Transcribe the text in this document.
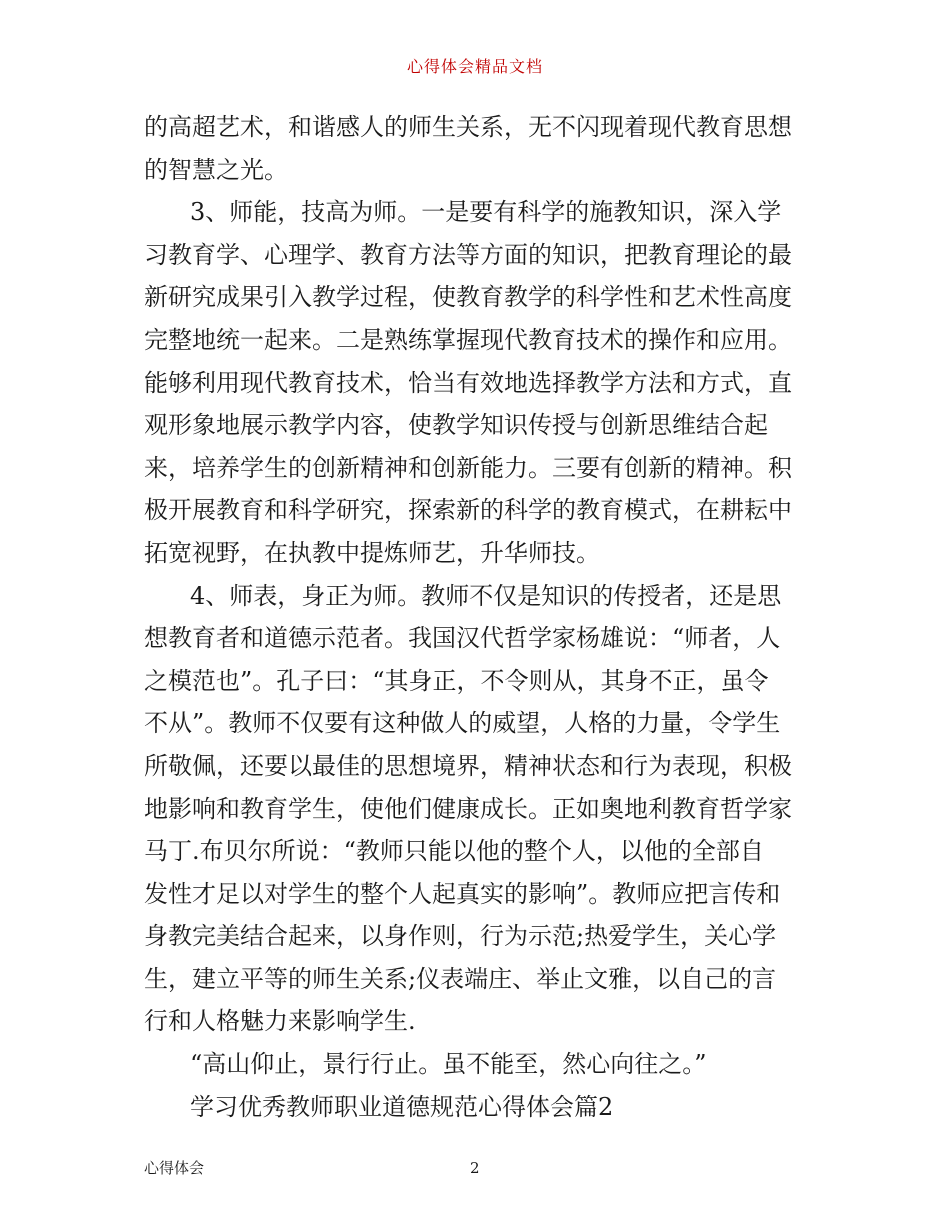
心得体会精品文档
的高超艺术，和谐感人的师生关系，无不闪现着现代教育思想
的智慧之光。
3、师能，技高为师。一是要有科学的施教知识，深入学
习教育学、心理学、教育方法等方面的知识，把教育理论的最
新研究成果引入教学过程，使教育教学的科学性和艺术性高度
完整地统一起来。二是熟练掌握现代教育技术的操作和应用。
能够利用现代教育技术，恰当有效地选择教学方法和方式，直
观形象地展示教学内容，使教学知识传授与创新思维结合起
来，培养学生的创新精神和创新能力。三要有创新的精神。积
极开展教育和科学研究，探索新的科学的教育模式，在耕耘中
拓宽视野，在执教中提炼师艺，升华师技。
4、师表，身正为师。教师不仅是知识的传授者，还是思
想教育者和道德示范者。我国汉代哲学家杨雄说：“师者，人
之模范也”。孔子曰：“其身正，不令则从，其身不正，虽令
不从”。教师不仅要有这种做人的威望，人格的力量，令学生
所敬佩，还要以最佳的思想境界，精神状态和行为表现，积极
地影响和教育学生，使他们健康成长。正如奥地利教育哲学家
马丁.布贝尔所说：“教师只能以他的整个人，以他的全部自
发性才足以对学生的整个人起真实的影响”。教师应把言传和
身教完美结合起来，以身作则，行为示范;热爱学生，关心学
生，建立平等的师生关系;仪表端庄、举止文雅，以自己的言
行和人格魅力来影响学生.
“高山仰止，景行行止。虽不能至，然心向往之。”
学习优秀教师职业道德规范心得体会篇2
心得体会	2
